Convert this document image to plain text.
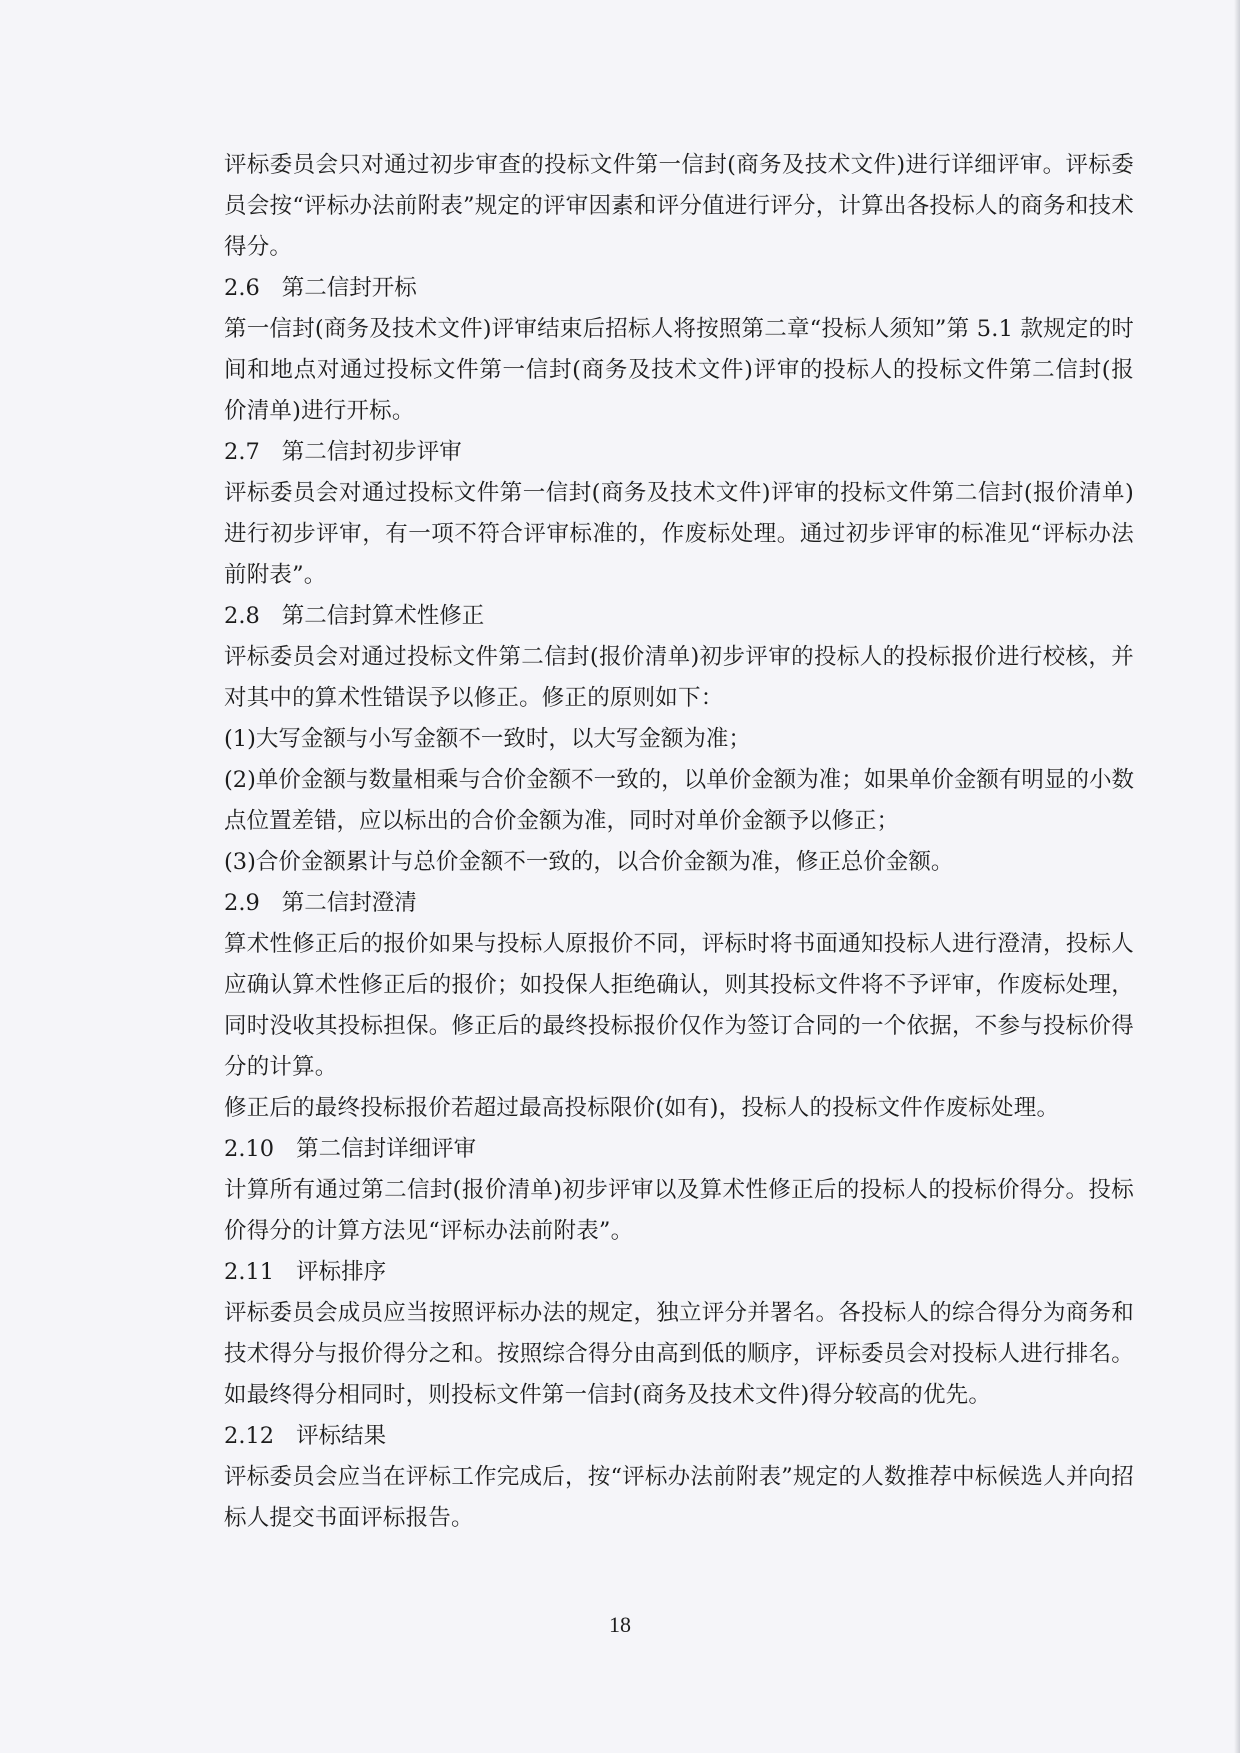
评标委员会只对通过初步审查的投标文件第一信封(商务及技术文件)进行详细评审。评标委员会按“评标办法前附表”规定的评审因素和评分值进行评分，计算出各投标人的商务和技术得分。

2.6 第二信封开标

第一信封(商务及技术文件)评审结束后招标人将按照第二章“投标人须知”第 5.1 款规定的时间和地点对通过投标文件第一信封(商务及技术文件)评审的投标人的投标文件第二信封(报价清单)进行开标。

2.7 第二信封初步评审

评标委员会对通过投标文件第一信封(商务及技术文件)评审的投标文件第二信封(报价清单)进行初步评审，有一项不符合评审标准的，作废标处理。通过初步评审的标准见“评标办法前附表”。

2.8 第二信封算术性修正

评标委员会对通过投标文件第二信封(报价清单)初步评审的投标人的投标报价进行校核，并对其中的算术性错误予以修正。修正的原则如下：

(1)大写金额与小写金额不一致时，以大写金额为准；

(2)单价金额与数量相乘与合价金额不一致的，以单价金额为准；如果单价金额有明显的小数点位置差错，应以标出的合价金额为准，同时对单价金额予以修正；

(3)合价金额累计与总价金额不一致的，以合价金额为准，修正总价金额。

2.9 第二信封澄清

算术性修正后的报价如果与投标人原报价不同，评标时将书面通知投标人进行澄清，投标人应确认算术性修正后的报价；如投保人拒绝确认，则其投标文件将不予评审，作废标处理，同时没收其投标担保。修正后的最终投标报价仅作为签订合同的一个依据，不参与投标价得分的计算。

修正后的最终投标报价若超过最高投标限价(如有)，投标人的投标文件作废标处理。

2.10 第二信封详细评审

计算所有通过第二信封(报价清单)初步评审以及算术性修正后的投标人的投标价得分。投标价得分的计算方法见“评标办法前附表”。

2.11 评标排序

评标委员会成员应当按照评标办法的规定，独立评分并署名。各投标人的综合得分为商务和技术得分与报价得分之和。按照综合得分由高到低的顺序，评标委员会对投标人进行排名。如最终得分相同时，则投标文件第一信封(商务及技术文件)得分较高的优先。

2.12 评标结果

评标委员会应当在评标工作完成后，按“评标办法前附表”规定的人数推荐中标候选人并向招标人提交书面评标报告。

18
